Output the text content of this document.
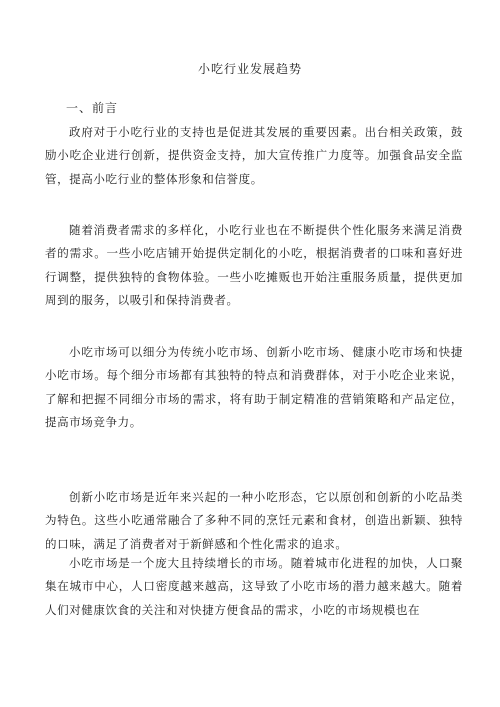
小吃行业发展趋势
一、前言

政府对于小吃行业的支持也是促进其发展的重要因素。出台相关政策，鼓励小吃企业进行创新，提供资金支持，加大宣传推广力度等。加强食品安全监管，提高小吃行业的整体形象和信誉度。

随着消费者需求的多样化，小吃行业也在不断提供个性化服务来满足消费者的需求。一些小吃店铺开始提供定制化的小吃，根据消费者的口味和喜好进行调整，提供独特的食物体验。一些小吃摊贩也开始注重服务质量，提供更加周到的服务，以吸引和保持消费者。

小吃市场可以细分为传统小吃市场、创新小吃市场、健康小吃市场和快捷小吃市场。每个细分市场都有其独特的特点和消费群体，对于小吃企业来说，了解和把握不同细分市场的需求，将有助于制定精准的营销策略和产品定位，提高市场竞争力。

创新小吃市场是近年来兴起的一种小吃形态，它以原创和创新的小吃品类为特色。这些小吃通常融合了多种不同的烹饪元素和食材，创造出新颖、独特的口味，满足了消费者对于新鲜感和个性化需求的追求。

小吃市场是一个庞大且持续增长的市场。随着城市化进程的加快，人口聚集在城市中心，人口密度越来越高，这导致了小吃市场的潜力越来越大。随着人们对健康饮食的关注和对快捷方便食品的需求，小吃的市场规模也在
